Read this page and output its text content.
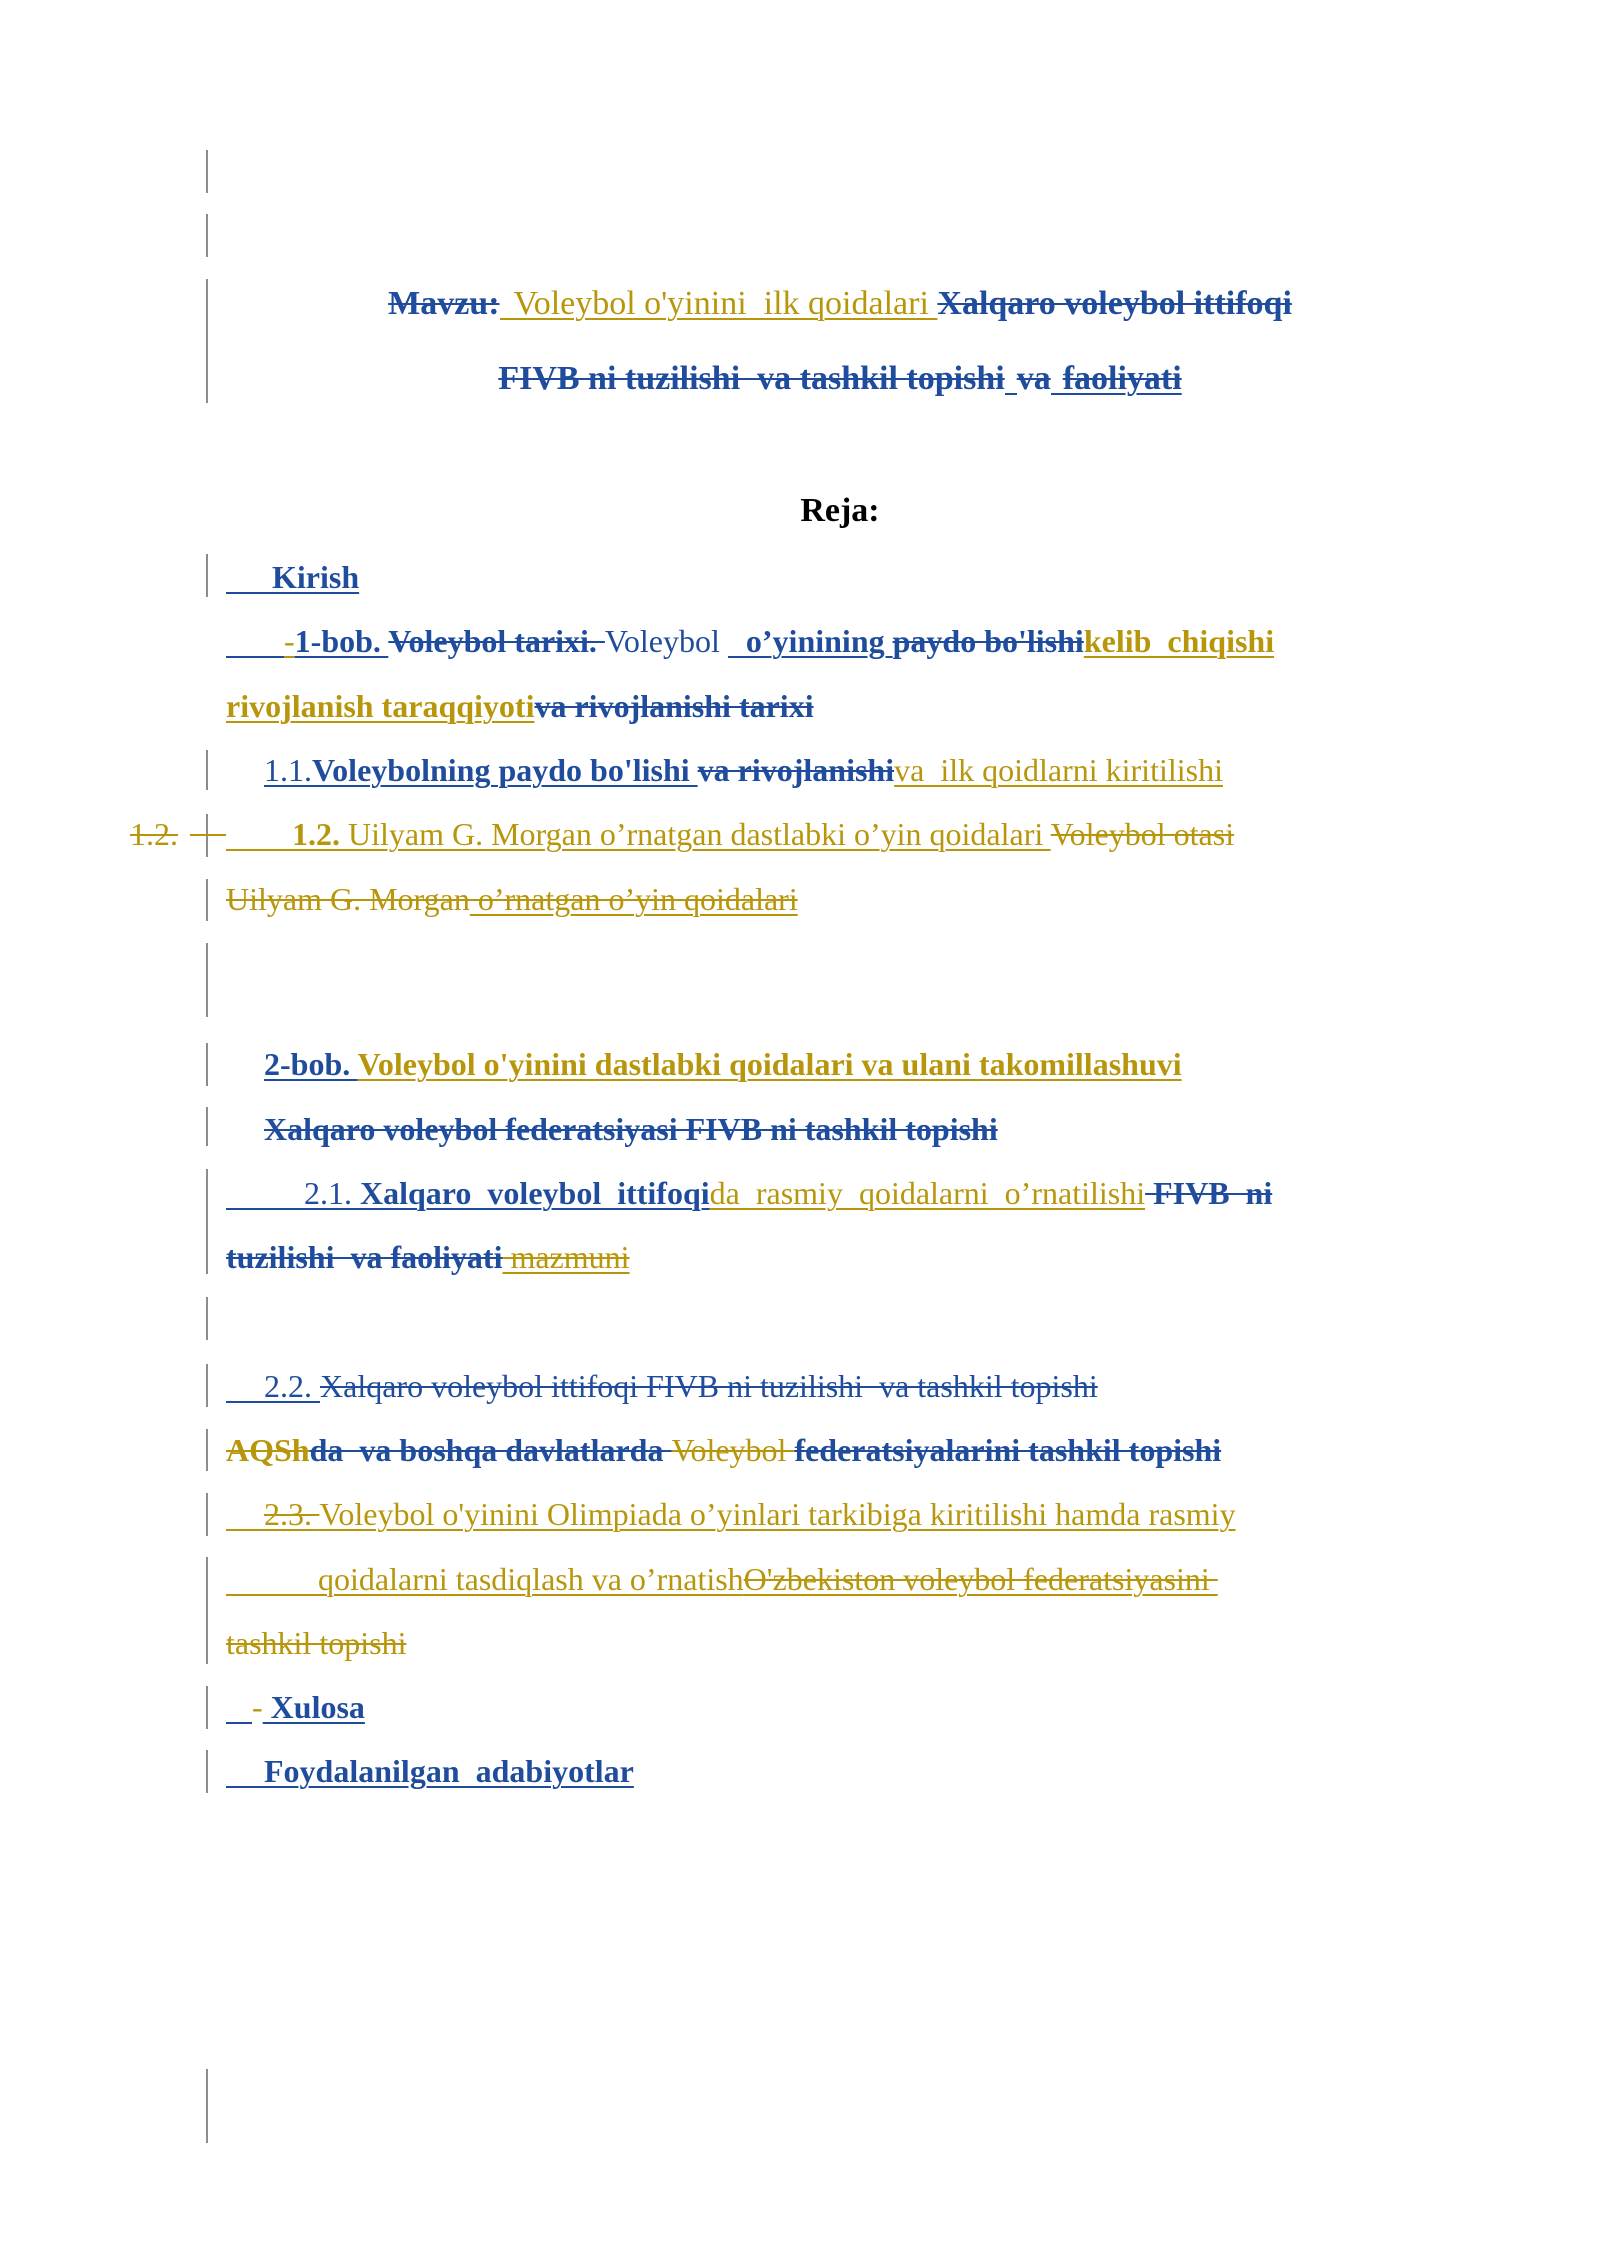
Mavzu: Voleybol o'yinini  ilk qoidalari Xalqaro voleybol ittifoqi
FIVB ni tuzilishi  va tashkil topishi va faoliyati
Reja:
Kirish
-1-bob. Voleybol tarixi. Voleybol o’yinining paydo bo'lishikelib  chiqishi
rivojlanish taraqqiyotiva rivojlanishi tarixi
1.1.Voleybolning paydo bo'lishi va rivojlanishiva  ilk qoidlarni kiritilishi
1.2.	1.2. Uilyam G. Morgan o’rnatgan dastlabki o’yin qoidalari Voleybol otasi
Uilyam G. Morgan o’rnatgan o’yin qoidalari
2-bob. Voleybol o'yinini dastlabki qoidalari va ulani takomillashuvi
Xalqaro voleybol federatsiyasi FIVB ni tashkil topishi
2.1. Xalqaro  voleybol  ittifoqida  rasmiy  qoidalarni  o’rnatilishi FIVB  ni
tuzilishi  va faoliyati mazmuni
2.2. Xalqaro voleybol ittifoqi FIVB ni tuzilishi  va tashkil topishi
AQShda  va boshqa davlatlarda Voleybol federatsiyalarini tashkil topishi
2.3. Voleybol o'yinini Olimpiada o’yinlari tarkibiga kiritilishi hamda rasmiy
qoidalarni tasdiqlash va o’rnatishO'zbekiston voleybol federatsiyasini
tashkil topishi
- Xulosa
Foydalanilgan  adabiyotlar
